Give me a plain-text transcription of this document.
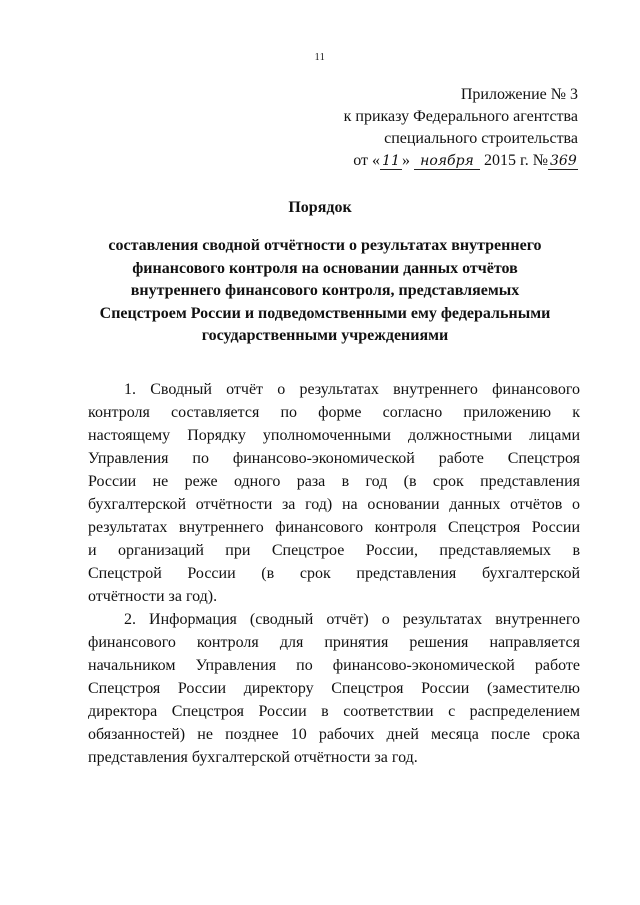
11
Приложение № 3
к приказу Федерального агентства
специального строительства
от « 11 » ноября 2015 г. № 369
Порядок
составления сводной отчётности о результатах внутреннего
финансового контроля на основании данных отчётов
внутреннего финансового контроля, представляемых
Спецстроем России и подведомственными ему федеральными
государственными учреждениями
1. Сводный отчёт о результатах внутреннего финансового
контроля составляется по форме согласно приложению к
настоящему Порядку уполномоченными должностными лицами
Управления по финансово-экономической работе Спецстроя
России не реже одного раза в год (в срок представления
бухгалтерской отчётности за год) на основании данных отчётов о
результатах внутреннего финансового контроля Спецстроя России
и организаций при Спецстрое России, представляемых в
Спецстрой России (в срок представления бухгалтерской
отчётности за год).
2. Информация (сводный отчёт) о результатах внутреннего
финансового контроля для принятия решения направляется
начальником Управления по финансово-экономической работе
Спецстроя России директору Спецстроя России (заместителю
директора Спецстроя России в соответствии с распределением
обязанностей) не позднее 10 рабочих дней месяца после срока
представления бухгалтерской отчётности за год.
